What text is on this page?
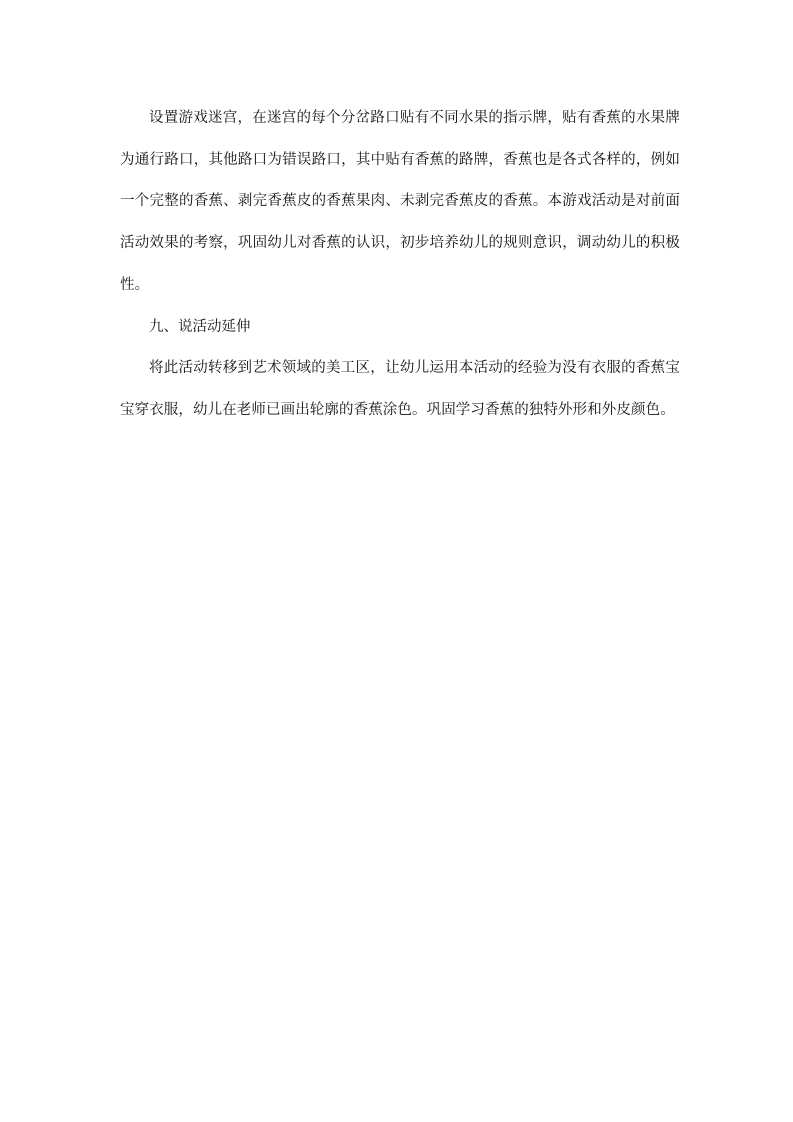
设置游戏迷宫，在迷宫的每个分岔路口贴有不同水果的指示牌，贴有香蕉的水果牌为通行路口，其他路口为错误路口，其中贴有香蕉的路牌，香蕉也是各式各样的，例如一个完整的香蕉、剥完香蕉皮的香蕉果肉、未剥完香蕉皮的香蕉。本游戏活动是对前面活动效果的考察，巩固幼儿对香蕉的认识，初步培养幼儿的规则意识，调动幼儿的积极性。

九、说活动延伸

将此活动转移到艺术领域的美工区，让幼儿运用本活动的经验为没有衣服的香蕉宝宝穿衣服，幼儿在老师已画出轮廓的香蕉涂色。巩固学习香蕉的独特外形和外皮颜色。
